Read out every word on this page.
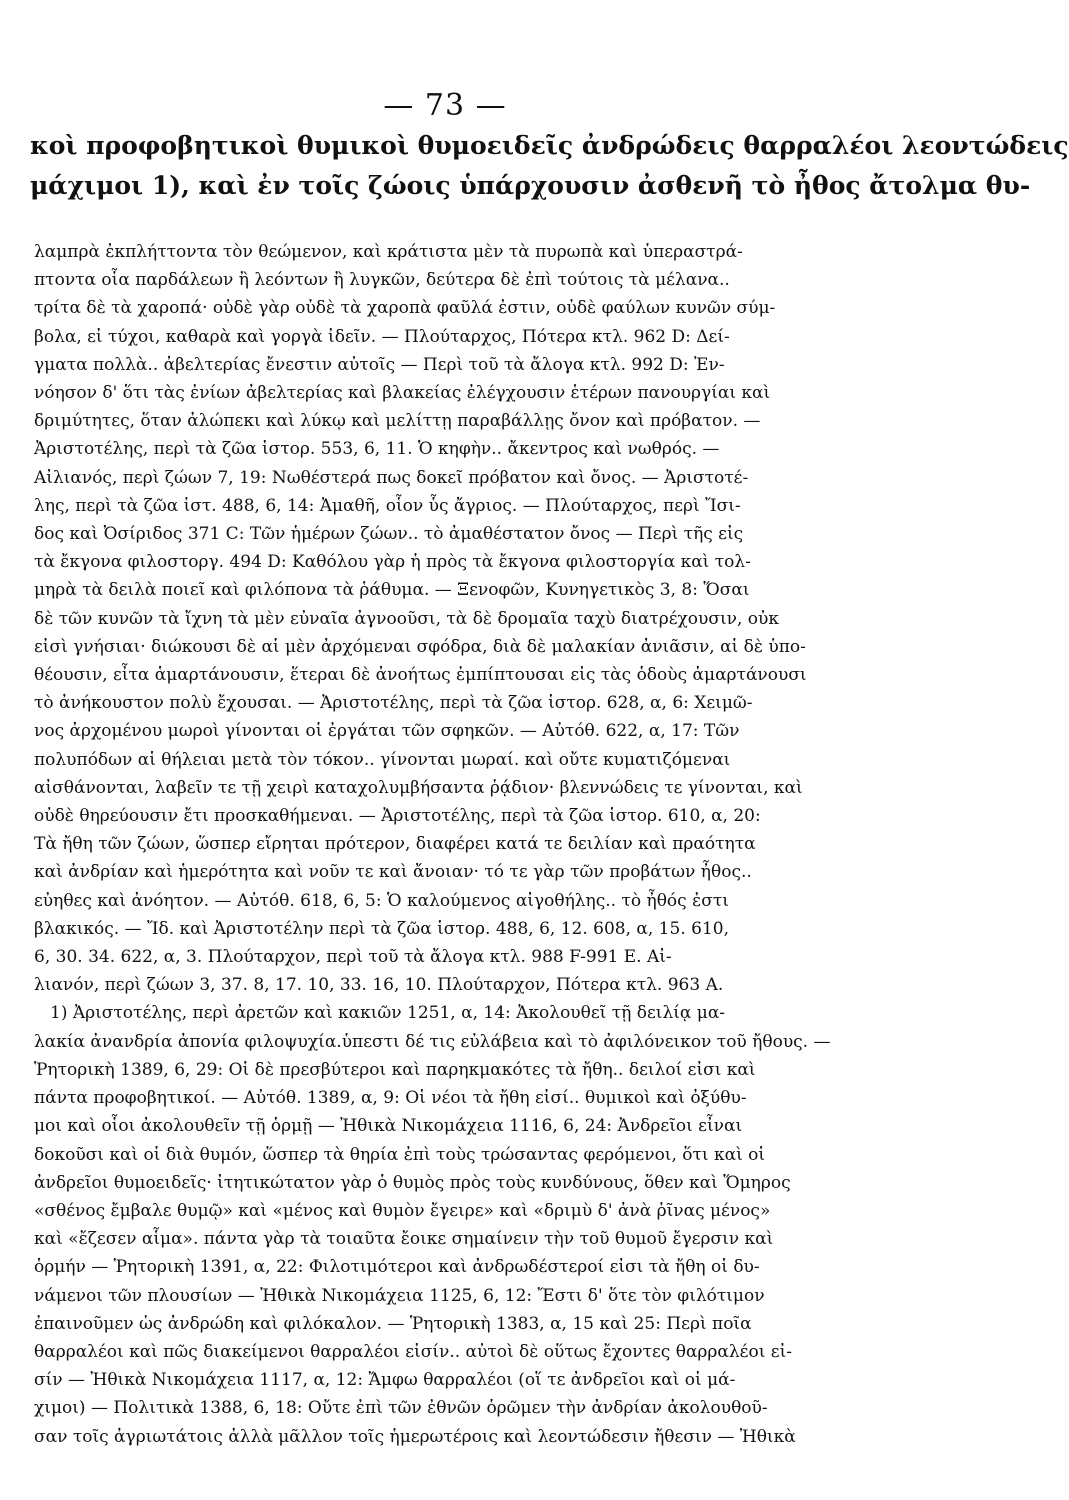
— 73 —
κοὶ προφοβητικοὶ θυμικοὶ θυμοειδεῖς ἀνδρώδεις θαρραλέοι λεοντώδεις
μάχιμοι 1), καὶ ἐν τοῖς ζώοις ὑπάρχουσιν ἀσθενῆ τὸ ἦθος ἄτολμα θυ-
λαμπρὰ ἐκπλήττοντα τὸν θεώμενον, καὶ κράτιστα μὲν τὰ πυρωπὰ καὶ ὑπεραστρά-
πτοντα οἷα παρδάλεων ἢ λεόντων ἢ λυγκῶν, δεύτερα δὲ ἐπὶ τούτοις τὰ μέλανα..
τρίτα δὲ τὰ χαροπά· οὐδὲ γὰρ οὐδὲ τὰ χαροπὰ φαῦλά ἐστιν, οὐδὲ φαύλων κυνῶν σύμ-
βολα, εἰ τύχοι, καθαρὰ καὶ γοργὰ ἰδεῖν. — Πλούταρχος, Πότερα κτλ. 962 D: Δεί-
γματα πολλὰ.. ἀβελτερίας ἔνεστιν αὐτοῖς — Περὶ τοῦ τὰ ἄλογα κτλ. 992 D: Ἐν-
νόησον δ' ὅτι τὰς ἐνίων ἀβελτερίας καὶ βλακείας ἐλέγχουσιν ἑτέρων πανουργίαι καὶ
δριμύτητες, ὅταν ἀλώπεκι καὶ λύκῳ καὶ μελίττῃ παραβάλλῃς ὄνον καὶ πρόβατον. —
Ἀριστοτέλης, περὶ τὰ ζῶα ἱστορ. 553, 6, 11. Ὁ κηφὴν.. ἄκεντρος καὶ νωθρός. —
Αἰλιανός, περὶ ζώων 7, 19: Νωθέστερά πως δοκεῖ πρόβατον καὶ ὄνος. — Ἀριστοτέ-
λης, περὶ τὰ ζῶα ἱστ. 488, 6, 14: Ἀμαθῆ, οἷον ὗς ἄγριος. — Πλούταρχος, περὶ Ἴσι-
δος καὶ Ὀσίριδος 371 C: Τῶν ἡμέρων ζώων.. τὸ ἀμαθέστατον ὄνος — Περὶ τῆς εἰς
τὰ ἔκγονα φιλοστοργ. 494 D: Καθόλου γὰρ ἡ πρὸς τὰ ἔκγονα φιλοστοργία καὶ τολ-
μηρὰ τὰ δειλὰ ποιεῖ καὶ φιλόπονα τὰ ῥάθυμα. — Ξενοφῶν, Κυνηγετικὸς 3, 8: Ὅσαι
δὲ τῶν κυνῶν τὰ ἴχνη τὰ μὲν εὐναῖα ἀγνοοῦσι, τὰ δὲ δρομαῖα ταχὺ διατρέχουσιν, οὐκ
εἰσὶ γνήσιαι· διώκουσι δὲ αἱ μὲν ἀρχόμεναι σφόδρα, διὰ δὲ μαλακίαν ἀνιᾶσιν, αἱ δὲ ὑπο-
θέουσιν, εἶτα ἁμαρτάνουσιν, ἕτεραι δὲ ἀνοήτως ἐμπίπτουσαι εἰς τὰς ὁδοὺς ἁμαρτάνουσι
τὸ ἀνήκουστον πολὺ ἔχουσαι. — Ἀριστοτέλης, περὶ τὰ ζῶα ἱστορ. 628, α, 6: Χειμῶ-
νος ἀρχομένου μωροὶ γίνονται οἱ ἐργάται τῶν σφηκῶν. — Αὐτόθ. 622, α, 17: Τῶν
πολυπόδων αἱ θήλειαι μετὰ τὸν τόκον.. γίνονται μωραί. καὶ οὔτε κυματιζόμεναι
αἰσθάνονται, λαβεῖν τε τῇ χειρὶ καταχολυμβήσαντα ῥᾴδιον· βλεννώδεις τε γίνονται, καὶ
οὐδὲ θηρεύουσιν ἔτι προσκαθήμεναι. — Ἀριστοτέλης, περὶ τὰ ζῶα ἱστορ. 610, α, 20:
Τὰ ἤθη τῶν ζώων, ὥσπερ εἴρηται πρότερον, διαφέρει κατά τε δειλίαν καὶ πραότητα
καὶ ἀνδρίαν καὶ ἡμερότητα καὶ νοῦν τε καὶ ἄνοιαν· τό τε γὰρ τῶν προβάτων ἦθος..
εὐηθες καὶ ἀνόητον. — Αὐτόθ. 618, 6, 5: Ὁ καλούμενος αἰγοθήλης.. τὸ ἦθός ἐστι
βλακικός. — Ἴδ. καὶ Ἀριστοτέλην περὶ τὰ ζῶα ἱστορ. 488, 6, 12. 608, α, 15. 610,
6, 30. 34. 622, α, 3. Πλούταρχον, περὶ τοῦ τὰ ἄλογα κτλ. 988 F-991 E. Αἰ-
λιανόν, περὶ ζώων 3, 37. 8, 17. 10, 33. 16, 10. Πλούταρχον, Πότερα κτλ. 963 A.
1) Ἀριστοτέλης, περὶ ἀρετῶν καὶ κακιῶν 1251, α, 14: Ἀκολουθεῖ τῇ δειλίᾳ μα-
λακία ἀνανδρία ἀπονία φιλοψυχία.ὑπεστι δέ τις εὐλάβεια καὶ τὸ ἀφιλόνεικον τοῦ ἤθους. —
Ῥητορικὴ 1389, 6, 29: Οἱ δὲ πρεσβύτεροι καὶ παρηκμακότες τὰ ἤθη.. δειλοί εἰσι καὶ
πάντα προφοβητικοί. — Αὐτόθ. 1389, α, 9: Οἱ νέοι τὰ ἤθη εἰσί.. θυμικοὶ καὶ ὀξύθυ-
μοι καὶ οἷοι ἀκολουθεῖν τῇ ὁρμῇ — Ἠθικὰ Νικομάχεια 1116, 6, 24: Ἀνδρεῖοι εἶναι
δοκοῦσι καὶ οἱ διὰ θυμόν, ὥσπερ τὰ θηρία ἐπὶ τοὺς τρώσαντας φερόμενοι, ὅτι καὶ οἱ
ἀνδρεῖοι θυμοειδεῖς· ἰτητικώτατον γὰρ ὁ θυμὸς πρὸς τοὺς κυνδύνους, ὅθεν καὶ Ὅμηρος
«σθένος ἔμβαλε θυμῷ» καὶ «μένος καὶ θυμὸν ἔγειρε» καὶ «δριμὺ δ' ἀνὰ ῥῖνας μένος»
καὶ «ἔζεσεν αἷμα». πάντα γὰρ τὰ τοιαῦτα ἔοικε σημαίνειν τὴν τοῦ θυμοῦ ἔγερσιν καὶ
ὁρμήν — Ῥητορικὴ 1391, α, 22: Φιλοτιμότεροι καὶ ἀνδρωδέστεροί εἰσι τὰ ἤθη οἱ δυ-
νάμενοι τῶν πλουσίων — Ἠθικὰ Νικομάχεια 1125, 6, 12: Ἔστι δ' ὅτε τὸν φιλότιμον
ἐπαινοῦμεν ὡς ἀνδρώδη καὶ φιλόκαλον. — Ῥητορικὴ 1383, α, 15 καὶ 25: Περὶ ποῖα
θαρραλέοι καὶ πῶς διακείμενοι θαρραλέοι εἰσίν.. αὐτοὶ δὲ οὕτως ἔχοντες θαρραλέοι εἰ-
σίν — Ἠθικὰ Νικομάχεια 1117, α, 12: Ἄμφω θαρραλέοι (οἵ τε ἀνδρεῖοι καὶ οἱ μά-
χιμοι) — Πολιτικὰ 1388, 6, 18: Οὔτε ἐπὶ τῶν ἐθνῶν ὁρῶμεν τὴν ἀνδρίαν ἀκολουθοῦ-
σαν τοῖς ἀγριωτάτοις ἀλλὰ μᾶλλον τοῖς ἡμερωτέροις καὶ λεοντώδεσιν ἤθεσιν — Ἠθικὰ
